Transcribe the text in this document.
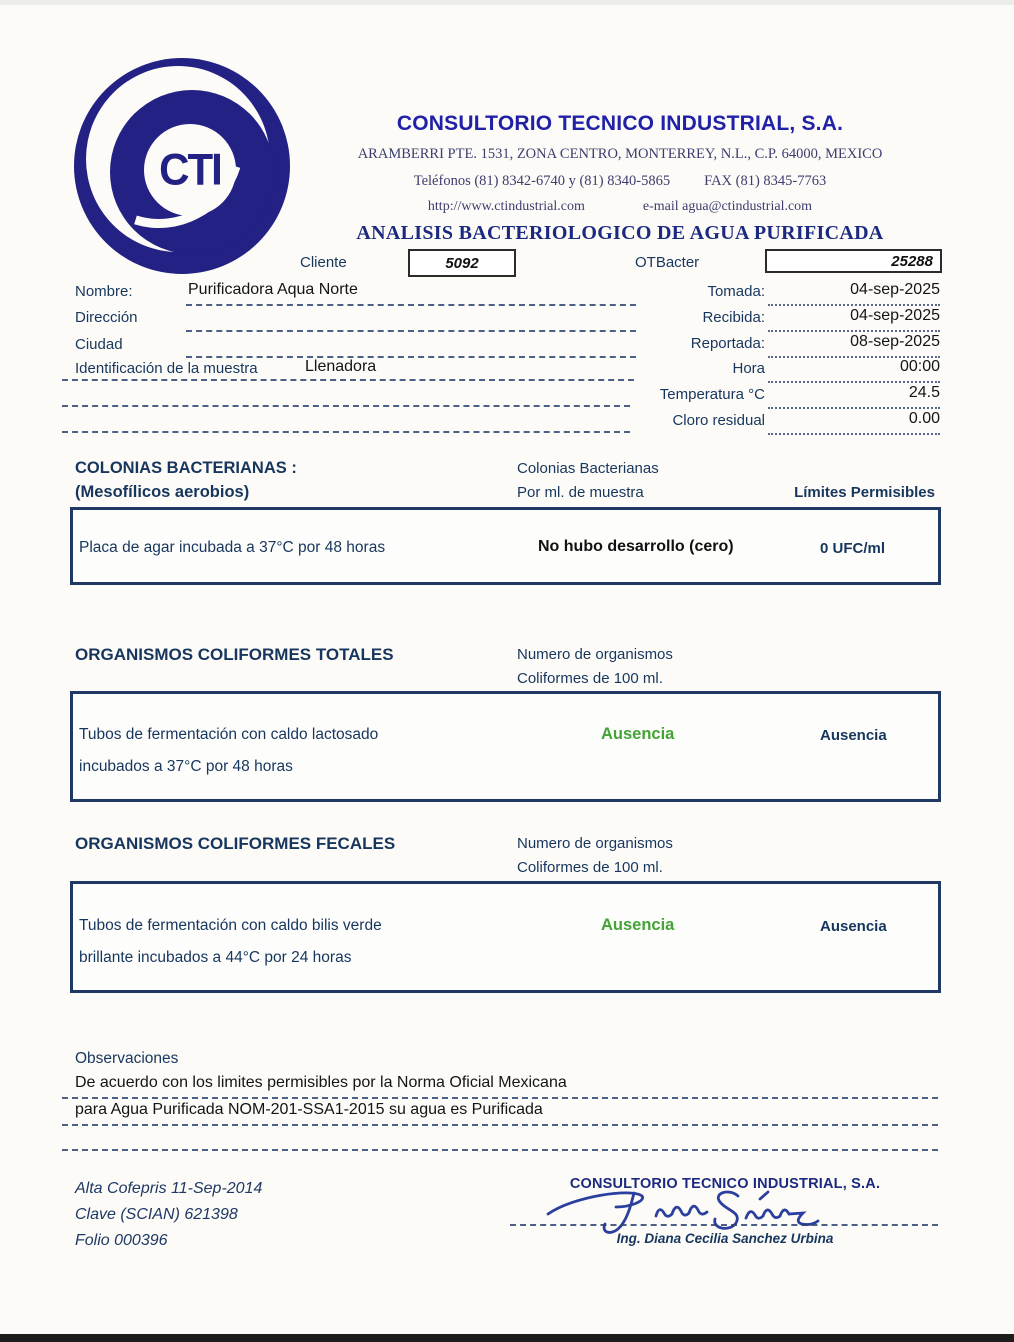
CTI
CONSULTORIO TECNICO INDUSTRIAL, S.A.
ARAMBERRI PTE. 1531, ZONA CENTRO, MONTERREY, N.L., C.P. 64000, MEXICO
Teléfonos (81) 8342-6740 y (81) 8340-5865 FAX (81) 8345-7763
http://www.ctindustrial.com	e-mail agua@ctindustrial.com
ANALISIS BACTERIOLOGICO DE AGUA PURIFICADA
Cliente	5092	OTBacter	25288
Nombre:	Purificadora Aqua Norte
Dirección
Ciudad
Identificación de la muestra	Llenadora
Tomada:	04-sep-2025
Recibida:	04-sep-2025
Reportada:	08-sep-2025
Hora	00:00
Temperatura °C	24.5
Cloro residual	0.00
COLONIAS BACTERIANAS :
(Mesofílicos aerobios)
Colonias Bacterianas
Por ml. de muestra	Límites Permisibles
Placa de agar incubada a 37°C por 48 horas	No hubo desarrollo (cero)	0 UFC/ml
ORGANISMOS COLIFORMES TOTALES	Numero de organismos
Coliformes de 100 ml.
Tubos de fermentación con caldo lactosado
incubados a 37°C por 48 horas
Ausencia	Ausencia
ORGANISMOS COLIFORMES FECALES	Numero de organismos
Coliformes de 100 ml.
Tubos de fermentación con caldo bilis verde
brillante incubados a 44°C por 24 horas
Ausencia	Ausencia
Observaciones
De acuerdo con los limites permisibles por la Norma Oficial Mexicana
para Agua Purificada NOM-201-SSA1-2015 su agua es Purificada
Alta Cofepris 11-Sep-2014
Clave (SCIAN) 621398
Folio 000396
CONSULTORIO TECNICO INDUSTRIAL, S.A.
Ing. Diana Cecilia Sanchez Urbina
